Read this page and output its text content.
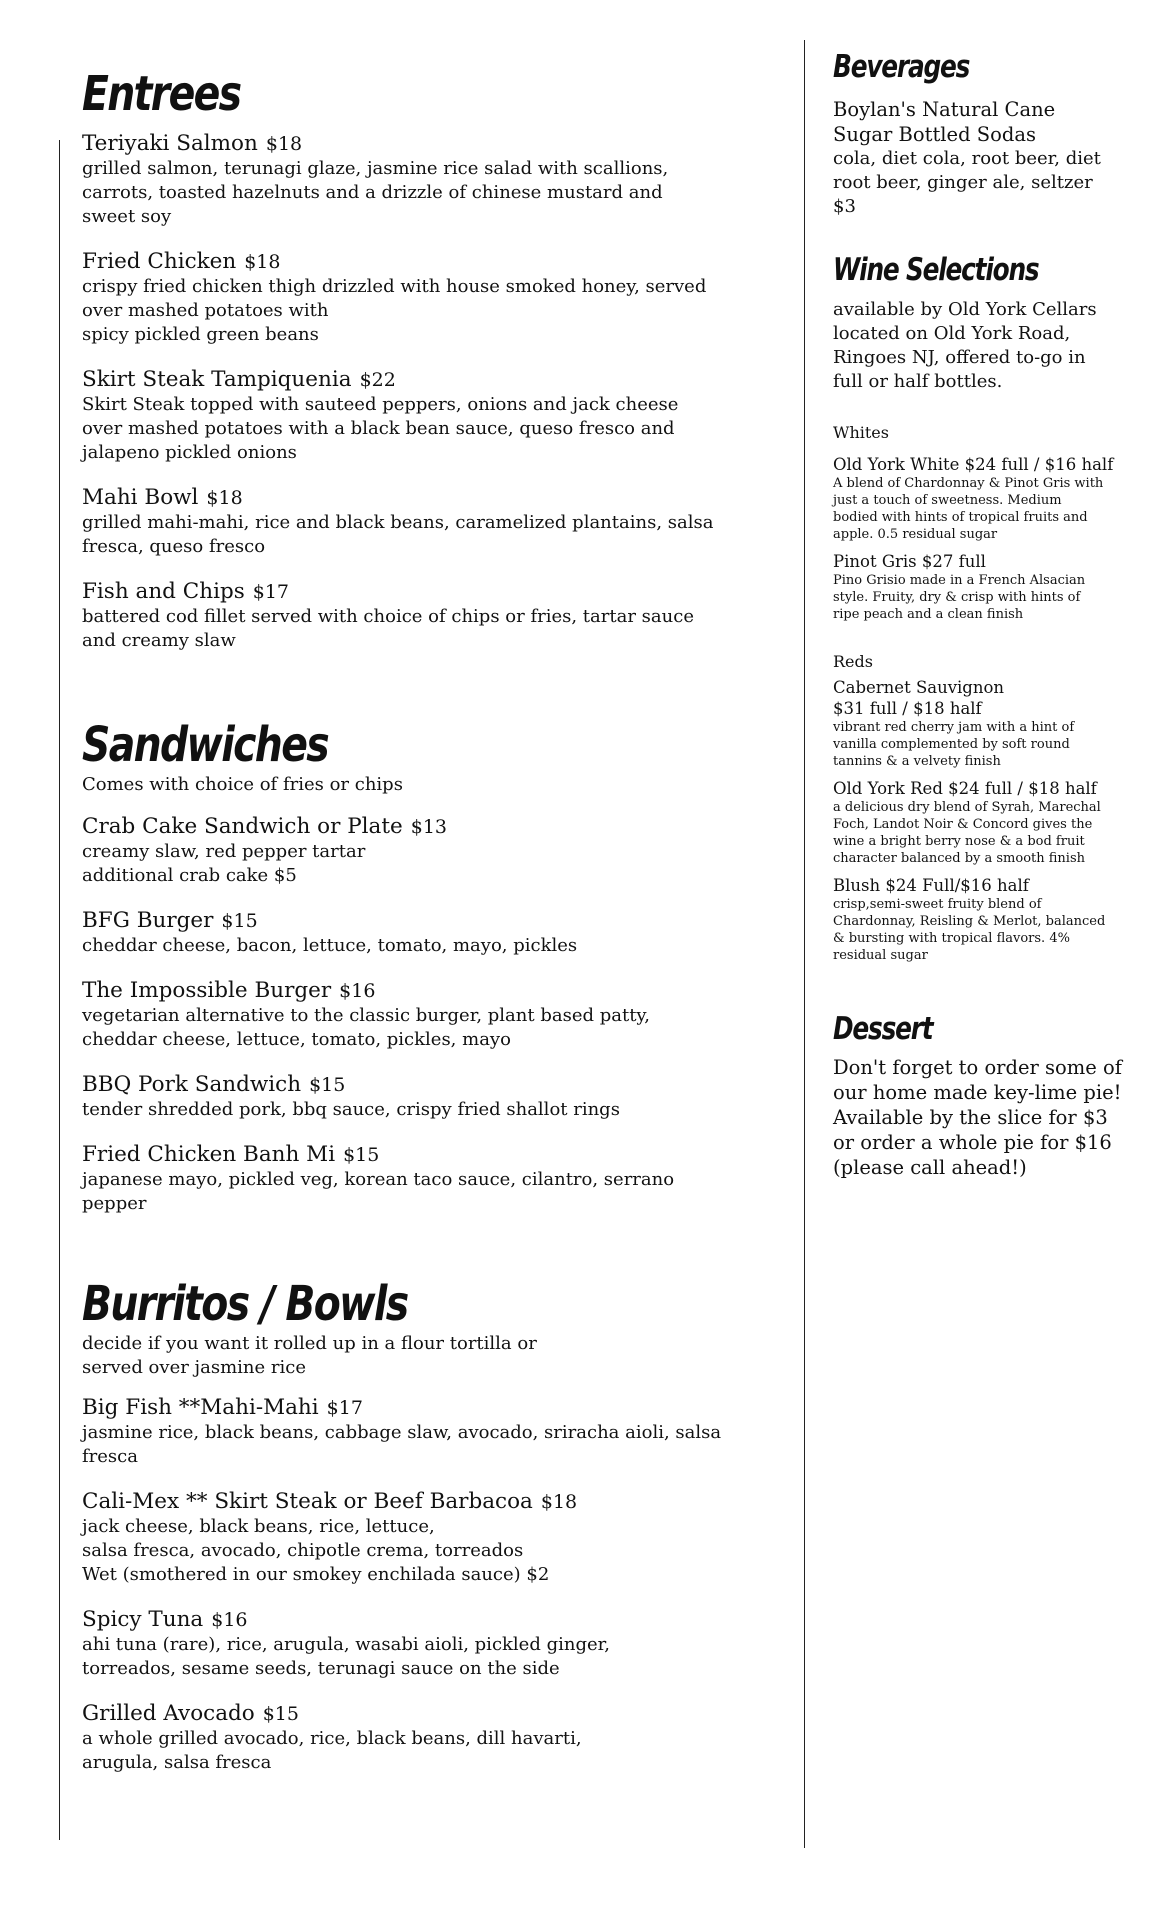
Entrees
Teriyaki Salmon $18
grilled salmon, terunagi glaze, jasmine rice salad with scallions,
carrots, toasted hazelnuts and a drizzle of chinese mustard and
sweet soy
Fried Chicken $18
crispy fried chicken thigh drizzled with house smoked honey, served
over mashed potatoes with
spicy pickled green beans
Skirt Steak Tampiquenia $22
Skirt Steak topped with sauteed peppers, onions and jack cheese
over mashed potatoes with a black bean sauce, queso fresco and
jalapeno pickled onions
Mahi Bowl $18
grilled mahi-mahi, rice and black beans, caramelized plantains, salsa
fresca, queso fresco
Fish and Chips $17
battered cod fillet served with choice of chips or fries, tartar sauce
and creamy slaw
Sandwiches
Comes with choice of fries or chips
Crab Cake Sandwich or Plate $13
creamy slaw, red pepper tartar
additional crab cake $5
BFG Burger $15
cheddar cheese, bacon, lettuce, tomato, mayo, pickles
The Impossible Burger $16
vegetarian alternative to the classic burger, plant based patty,
cheddar cheese, lettuce, tomato, pickles, mayo
BBQ Pork Sandwich $15
tender shredded pork, bbq sauce, crispy fried shallot rings
Fried Chicken Banh Mi $15
japanese mayo, pickled veg, korean taco sauce, cilantro, serrano
pepper
Burritos / Bowls
decide if you want it rolled up in a flour tortilla or
served over jasmine rice
Big Fish **Mahi-Mahi $17
jasmine rice, black beans, cabbage slaw, avocado, sriracha aioli, salsa
fresca
Cali-Mex ** Skirt Steak or Beef Barbacoa $18
jack cheese, black beans, rice, lettuce,
salsa fresca, avocado, chipotle crema, torreados
Wet (smothered in our smokey enchilada sauce) $2
Spicy Tuna $16
ahi tuna (rare), rice, arugula, wasabi aioli, pickled ginger,
torreados, sesame seeds, terunagi sauce on the side
Grilled Avocado $15
a whole grilled avocado, rice, black beans, dill havarti,
arugula, salsa fresca
Beverages
Boylan's Natural Cane
Sugar Bottled Sodas
cola, diet cola, root beer, diet
root beer, ginger ale, seltzer
$3
Wine Selections
available by Old York Cellars
located on Old York Road,
Ringoes NJ, offered to-go in
full or half bottles.
Whites
Old York White $24 full / $16 half
A blend of Chardonnay & Pinot Gris with
just a touch of sweetness. Medium
bodied with hints of tropical fruits and
apple. 0.5 residual sugar
Pinot Gris $27 full
Pino Grisio made in a French Alsacian
style. Fruity, dry & crisp with hints of
ripe peach and a clean finish
Reds
Cabernet Sauvignon
$31 full / $18 half
vibrant red cherry jam with a hint of
vanilla complemented by soft round
tannins & a velvety finish
Old York Red $24 full / $18 half
a delicious dry blend of Syrah, Marechal
Foch, Landot Noir & Concord gives the
wine a bright berry nose & a bod fruit
character balanced by a smooth finish
Blush $24 Full/$16 half
crisp,semi-sweet fruity blend of
Chardonnay, Reisling & Merlot, balanced
& bursting with tropical flavors. 4%
residual sugar
Dessert
Don't forget to order some of
our home made key-lime pie!
Available by the slice for $3
or order a whole pie for $16
(please call ahead!)
